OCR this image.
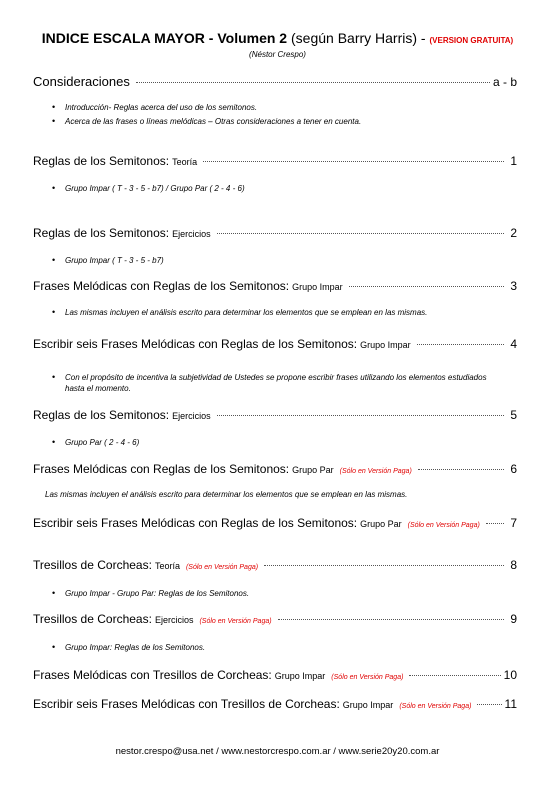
INDICE ESCALA MAYOR - Volumen 2 (según Barry Harris) - (VERSION GRATUITA)
(Néstor Crespo)
Consideraciones	a - b
• Introducción- Reglas acerca del uso de los semitonos.
• Acerca de las frases o líneas melódicas – Otras consideraciones a tener en cuenta.
Reglas de los Semitonos: Teoría	1
• Grupo Impar ( T - 3 - 5 - b7) / Grupo Par ( 2 - 4 - 6)
Reglas de los Semitonos: Ejercicios	2
• Grupo Impar ( T - 3 - 5 - b7)
Frases Melódicas con Reglas de los Semitonos: Grupo Impar	3
• Las mismas incluyen el análisis escrito para determinar los elementos que se emplean en las mismas.
Escribir seis Frases Melódicas con Reglas de los Semitonos: Grupo Impar	4
• Con el propósito de incentiva la subjetividad de Ustedes se propone escribir frases utilizando los elementos estudiados hasta el momento.
Reglas de los Semitonos: Ejercicios	5
• Grupo Par ( 2 - 4 - 6)
Frases Melódicas con Reglas de los Semitonos: Grupo Par (Sólo en Versión Paga)	6
Las mismas incluyen el análisis escrito para determinar los elementos que se emplean en las mismas.
Escribir seis Frases Melódicas con Reglas de los Semitonos: Grupo Par (Sólo en Versión Paga)	7
Tresillos de Corcheas: Teoría (Sólo en Versión Paga)	8
• Grupo Impar - Grupo Par: Reglas de los Semitonos.
Tresillos de Corcheas: Ejercicios (Sólo en Versión Paga)	9
• Grupo Impar: Reglas de los Semitonos.
Frases Melódicas con Tresillos de Corcheas: Grupo Impar (Sólo en Versión Paga)	10
Escribir seis Frases Melódicas con Tresillos de Corcheas: Grupo Impar (Sólo en Versión Paga)	11
nestor.crespo@usa.net / www.nestorcrespo.com.ar / www.serie20y20.com.ar
